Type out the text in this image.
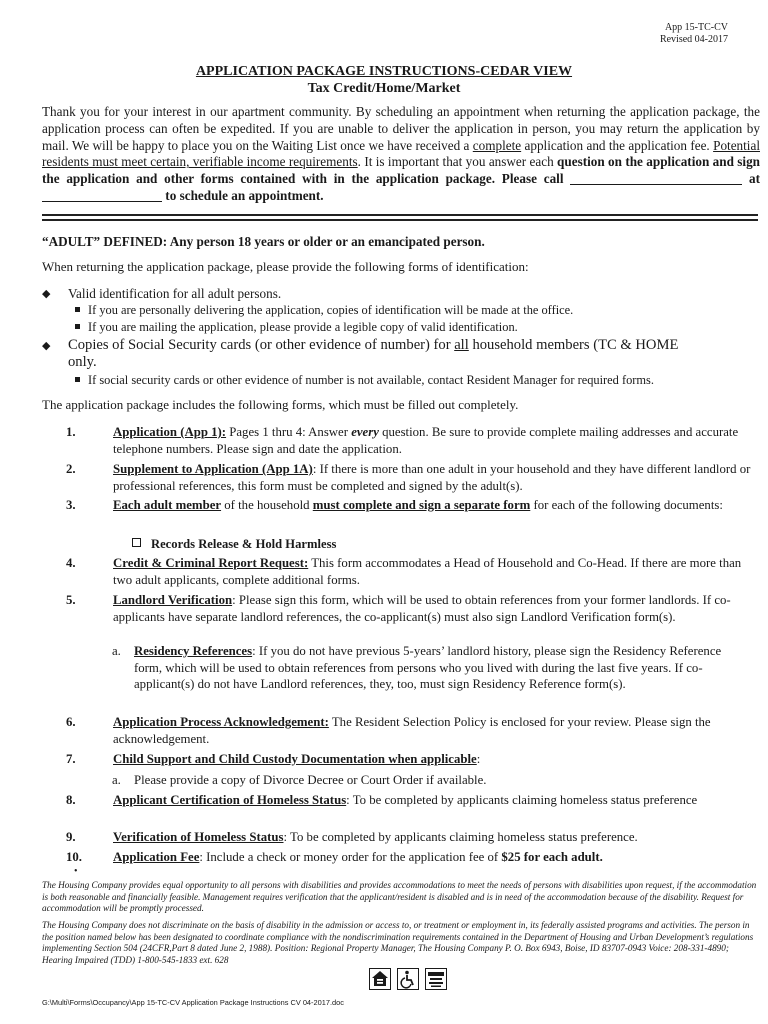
App 15-TC-CV
Revised 04-2017
APPLICATION PACKAGE INSTRUCTIONS-CEDAR VIEW
Tax Credit/Home/Market
Thank you for your interest in our apartment community. By scheduling an appointment when returning the application package, the application process can often be expedited. If you are unable to deliver the application in person, you may return the application by mail. We will be happy to place you on the Waiting List once we have received a complete application and the application fee. Potential residents must meet certain, verifiable income requirements. It is important that you answer each question on the application and sign the application and other forms contained with in the application package. Please call	at  to schedule an appointment.
“ADULT” DEFINED: Any person 18 years or older or an emancipated person.
When returning the application package, please provide the following forms of identification:
◆ Valid identification for all adult persons.
If you are personally delivering the application, copies of identification will be made at the office.
If you are mailing the application, please provide a legible copy of valid identification.
◆ Copies of Social Security cards (or other evidence of number) for all household members (TC & HOME
only.
If social security cards or other evidence of number is not available, contact Resident Manager for required forms.
The application package includes the following forms, which must be filled out completely.
1.	Application (App 1): Pages 1 thru 4: Answer every question. Be sure to provide complete mailing addresses and accurate telephone numbers. Please sign and date the application.
2.	Supplement to Application (App 1A): If there is more than one adult in your household and they have different landlord or professional references, this form must be completed and signed by the adult(s).
3.	Each adult member of the household must complete and sign a separate form for each of the following documents:
Records Release & Hold Harmless
4.	Credit & Criminal Report Request: This form accommodates a Head of Household and Co-Head. If there are more than two adult applicants, complete additional forms.
5.	Landlord Verification: Please sign this form, which will be used to obtain references from your former landlords. If co-applicants have separate landlord references, the co-applicant(s) must also sign Landlord Verification form(s).
a. Residency References: If you do not have previous 5-years’ landlord history, please sign the Residency Reference form, which will be used to obtain references from persons who you lived with during the last five years. If co-applicant(s) do not have Landlord references, they, too, must sign Residency Reference form(s).
6.	Application Process Acknowledgement: The Resident Selection Policy is enclosed for your review. Please sign the acknowledgement.
7.	Child Support and Child Custody Documentation when applicable:
a. Please provide a copy of Divorce Decree or Court Order if available.
8.	Applicant Certification of Homeless Status: To be completed by applicants claiming homeless status preference
9.	Verification of Homeless Status: To be completed by applicants claiming homeless status preference.
10. Application Fee: Include a check or money order for the application fee of $25 for each adult.
•
The Housing Company provides equal opportunity to all persons with disabilities and provides accommodations to meet the needs of persons with disabilities upon request, if the accommodation is both reasonable and financially feasible. Management requires verification that the applicant/resident is disabled and is in need of the accommodation because of the disability. Request for accommodation will be promptly processed.
The Housing Company does not discriminate on the basis of disability in the admission or access to, or treatment or employment in, its federally assisted programs and activities. The person in the position named below has been designated to coordinate compliance with the nondiscrimination requirements contained in the Department of Housing and Urban Development’s regulations implementing Section 504 (24CFR,Part 8 dated June 2, 1988). Position: Regional Property Manager, The Housing Company P. O. Box 6943, Boise, ID 83707-0943 Voice: 208-331-4890; Hearing Impaired (TDD) 1-800-545-1833 ext. 628
G:\Multi\Forms\Occupancy\App 15-TC-CV Application Package Instructions CV 04-2017.doc
